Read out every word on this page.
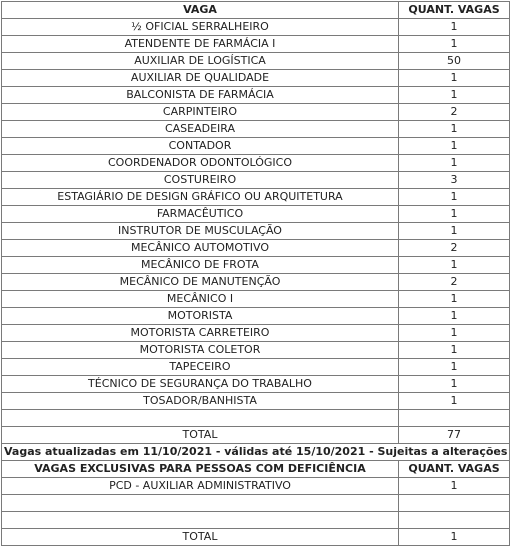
VAGA	QUANT. VAGAS
½ OFICIAL SERRALHEIRO	1
ATENDENTE DE FARMÁCIA I	1
AUXILIAR DE LOGÍSTICA	50
AUXILIAR DE QUALIDADE	1
BALCONISTA DE FARMÁCIA	1
CARPINTEIRO	2
CASEADEIRA	1
CONTADOR	1
COORDENADOR ODONTOLÓGICO	1
COSTUREIRO	3
ESTAGIÁRIO DE DESIGN GRÁFICO OU ARQUITETURA	1
FARMACÊUTICO	1
INSTRUTOR DE MUSCULAÇÃO	1
MECÂNICO AUTOMOTIVO	2
MECÂNICO DE FROTA	1
MECÂNICO DE MANUTENÇÃO	2
MECÂNICO I	1
MOTORISTA	1
MOTORISTA CARRETEIRO	1
MOTORISTA COLETOR	1
TAPECEIRO	1
TÉCNICO DE SEGURANÇA DO TRABALHO	1
TOSADOR/BANHISTA	1

TOTAL	77
Vagas atualizadas em 11/10/2021 - válidas até 15/10/2021 - Sujeitas a alterações	
VAGAS EXCLUSIVAS PARA PESSOAS COM DEFICIÊNCIA	QUANT. VAGAS
PCD - AUXILIAR ADMINISTRATIVO	1

TOTAL	1
